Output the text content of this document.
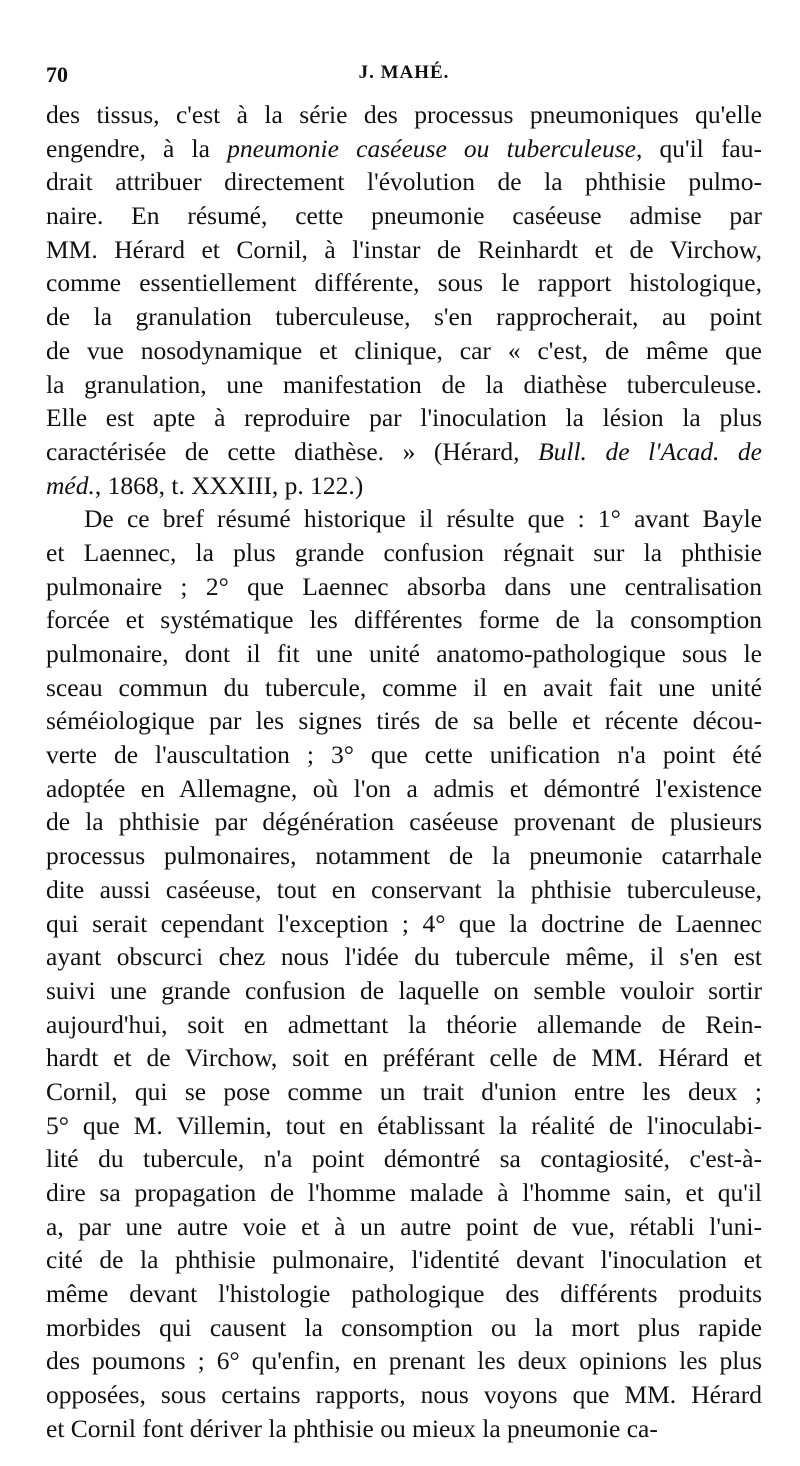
70	J. MAHÉ.
des tissus, c'est à la série des processus pneumoniques qu'elle
engendre, à la pneumonie caséeuse ou tuberculeuse, qu'il fau-
drait attribuer directement l'évolution de la phthisie pulmo-
naire. En résumé, cette pneumonie caséeuse admise par
MM. Hérard et Cornil, à l'instar de Reinhardt et de Virchow,
comme essentiellement différente, sous le rapport histologique,
de la granulation tuberculeuse, s'en rapprocherait, au point
de vue nosodynamique et clinique, car « c'est, de même que
la granulation, une manifestation de la diathèse tuberculeuse.
Elle est apte à reproduire par l'inoculation la lésion la plus
caractérisée de cette diathèse. » (Hérard, Bull. de l'Acad. de
méd., 1868, t. XXXIII, p. 122.)
De ce bref résumé historique il résulte que : 1° avant Bayle
et Laennec, la plus grande confusion régnait sur la phthisie
pulmonaire ; 2° que Laennec absorba dans une centralisation
forcée et systématique les différentes forme de la consomption
pulmonaire, dont il fit une unité anatomo-pathologique sous le
sceau commun du tubercule, comme il en avait fait une unité
séméiologique par les signes tirés de sa belle et récente décou-
verte de l'auscultation ; 3° que cette unification n'a point été
adoptée en Allemagne, où l'on a admis et démontré l'existence
de la phthisie par dégénération caséeuse provenant de plusieurs
processus pulmonaires, notamment de la pneumonie catarrhale
dite aussi caséeuse, tout en conservant la phthisie tuberculeuse,
qui serait cependant l'exception ; 4° que la doctrine de Laennec
ayant obscurci chez nous l'idée du tubercule même, il s'en est
suivi une grande confusion de laquelle on semble vouloir sortir
aujourd'hui, soit en admettant la théorie allemande de Rein-
hardt et de Virchow, soit en préférant celle de MM. Hérard et
Cornil, qui se pose comme un trait d'union entre les deux ;
5° que M. Villemin, tout en établissant la réalité de l'inoculabi-
lité du tubercule, n'a point démontré sa contagiosité, c'est-à-
dire sa propagation de l'homme malade à l'homme sain, et qu'il
a, par une autre voie et à un autre point de vue, rétabli l'uni-
cité de la phthisie pulmonaire, l'identité devant l'inoculation et
même devant l'histologie pathologique des différents produits
morbides qui causent la consomption ou la mort plus rapide
des poumons ; 6° qu'enfin, en prenant les deux opinions les plus
opposées, sous certains rapports, nous voyons que MM. Hérard
et Cornil font dériver la phthisie ou mieux la pneumonie ca-
